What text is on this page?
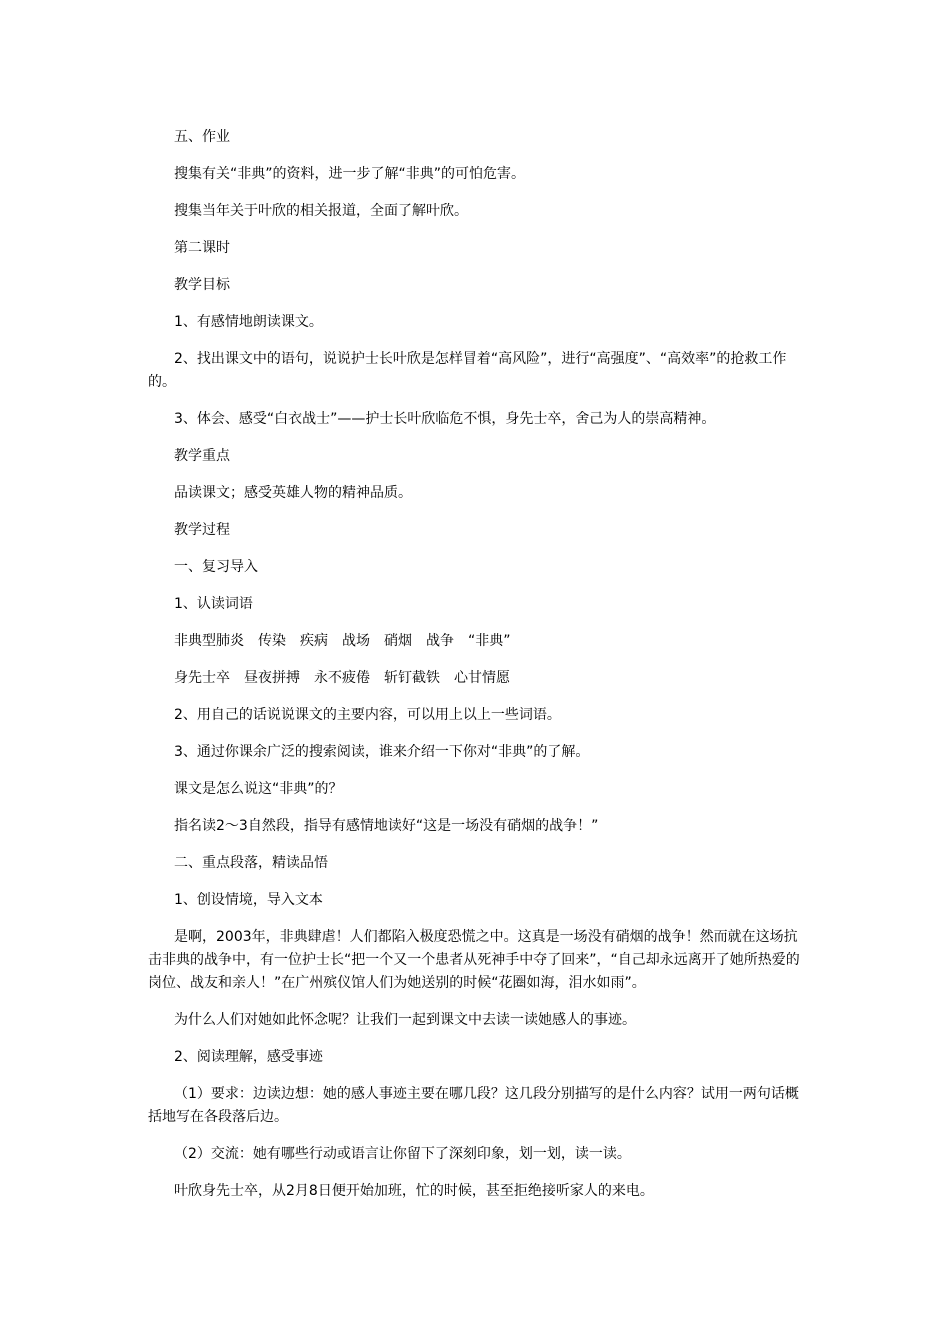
五、作业

搜集有关“非典”的资料，进一步了解“非典”的可怕危害。

搜集当年关于叶欣的相关报道，全面了解叶欣。

第二课时

教学目标

1、有感情地朗读课文。

2、找出课文中的语句，说说护士长叶欣是怎样冒着“高风险”，进行“高强度”、“高效率”的抢救工作的。

3、体会、感受“白衣战士”——护士长叶欣临危不惧，身先士卒，舍己为人的崇高精神。

教学重点

品读课文；感受英雄人物的精神品质。

教学过程

一、复习导入

1、认读词语

非典型肺炎　传染　疾病　战场　硝烟　战争　“非典”

身先士卒　昼夜拼搏　永不疲倦　斩钉截铁　心甘情愿

2、用自己的话说说课文的主要内容，可以用上以上一些词语。

3、通过你课余广泛的搜索阅读，谁来介绍一下你对“非典”的了解。

课文是怎么说这“非典”的？

指名读2～3自然段，指导有感情地读好“这是一场没有硝烟的战争！”

二、重点段落，精读品悟

1、创设情境，导入文本

是啊，2003年，非典肆虐！人们都陷入极度恐慌之中。这真是一场没有硝烟的战争！然而就在这场抗击非典的战争中，有一位护士长“把一个又一个患者从死神手中夺了回来”，“自己却永远离开了她所热爱的岗位、战友和亲人！”在广州殡仪馆人们为她送别的时候“花圈如海，泪水如雨”。

为什么人们对她如此怀念呢？让我们一起到课文中去读一读她感人的事迹。

2、阅读理解，感受事迹

（1）要求：边读边想：她的感人事迹主要在哪几段？这几段分别描写的是什么内容？试用一两句话概括地写在各段落后边。

（2）交流：她有哪些行动或语言让你留下了深刻印象，划一划，读一读。

叶欣身先士卒，从2月8日便开始加班，忙的时候，甚至拒绝接听家人的来电。
